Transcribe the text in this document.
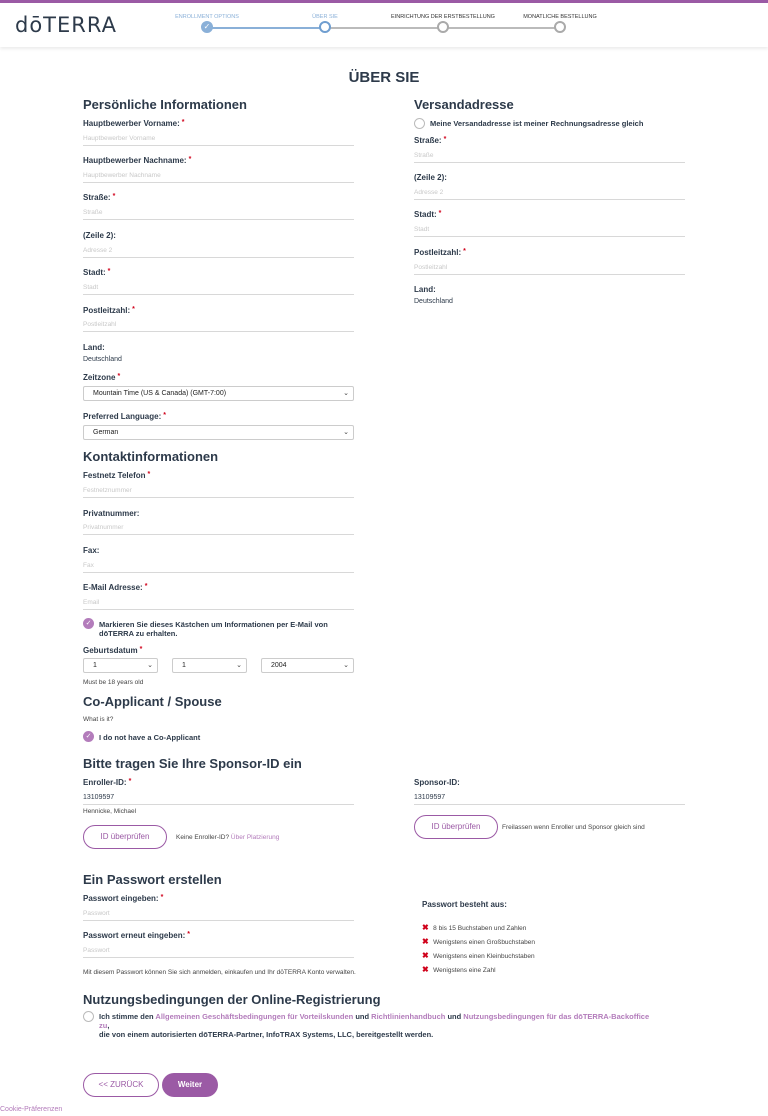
dōTERRA	ENROLLMENT OPTIONS
✓
ÜBER SIE	EINRICHTUNG DER ERSTBESTELLUNG	MONATLICHE BESTELLUNG
ÜBER SIE
Persönliche Informationen
Hauptbewerber Vorname: *
Hauptbewerber Vorname
Hauptbewerber Nachname: *
Hauptbewerber Nachname
Straße: *
Straße
(Zeile 2):
Adresse 2
Stadt: *
Stadt
Postleitzahl: *
Postleitzahl
Land:
Deutschland
Zeitzone *
Mountain Time (US & Canada) (GMT-7:00)	⌄
Preferred Language: *
German	⌄
Versandadresse
Meine Versandadresse ist meiner Rechnungsadresse gleich
Straße: *
Straße
(Zeile 2):
Adresse 2
Stadt: *
Stadt
Postleitzahl: *
Postleitzahl
Land:
Deutschland
Kontaktinformationen
Festnetz Telefon *
Festnetznummer
Privatnummer:
Privatnummer
Fax:
Fax
E-Mail Adresse: *
Email
✓	Markieren Sie dieses Kästchen um Informationen per E-Mail von dōTERRA zu erhalten.
Geburtsdatum *
1	⌄	1	⌄	2004	⌄
Must be 18 years old
Co-Applicant / Spouse
What is it?
✓	I do not have a Co-Applicant
Bitte tragen Sie Ihre Sponsor-ID ein
Enroller-ID: *
13109597
Hennicke, Michael
ID überprüfen	Keine Enroller-ID? Über Platzierung
Sponsor-ID:
13109597
ID überprüfen	Freilassen wenn Enroller und Sponsor gleich sind
Ein Passwort erstellen
Passwort eingeben: *
Passwort
Passwort erneut eingeben: *
Passwort
Mit diesem Passwort können Sie sich anmelden, einkaufen und Ihr dōTERRA Konto verwalten.
Passwort besteht aus:
✖ 8 bis 15 Buchstaben und Zahlen
✖ Wenigstens einen Großbuchstaben
✖ Wenigstens einen Kleinbuchstaben
✖ Wenigstens eine Zahl
Nutzungsbedingungen der Online-Registrierung
Ich stimme den Allgemeinen Geschäftsbedingungen für Vorteilskunden und Richtlinienhandbuch und Nutzungsbedingungen für das dōTERRA-Backoffice zu,
die von einem autorisierten dōTERRA-Partner, InfoTRAX Systems, LLC, bereitgestellt werden.
<< ZURÜCK	Weiter
Cookie-Präferenzen
